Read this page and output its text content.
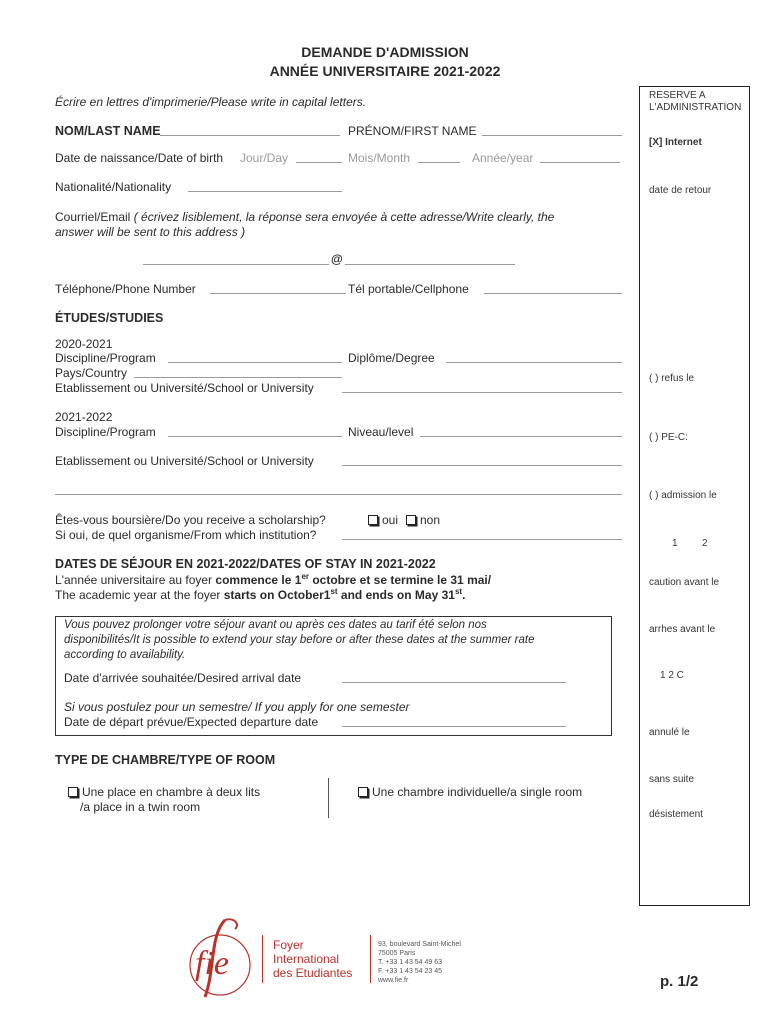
DEMANDE D'ADMISSION
ANNÉE UNIVERSITAIRE 2021-2022
Écrire en lettres d'imprimerie/Please write in capital letters.
NOM/LAST NAME	PRÉNOM/FIRST NAME
Date de naissance/Date of birth Jour/Day	Mois/Month	Année/year
Nationalité/Nationality
Courriel/Email ( écrivez lisiblement, la réponse sera envoyée à cette adresse/Write clearly, the
answer will be sent to this address )
@
Téléphone/Phone Number	Tél portable/Cellphone
ÉTUDES/STUDIES
2020-2021
Discipline/Program	Diplôme/Degree
Pays/Country
Etablissement ou Université/School or University
2021-2022
Discipline/Program	Niveau/level
Etablissement ou Université/School or University
Êtes-vous boursière/Do you receive a scholarship?	oui	non
Si oui, de quel organisme/From which institution?
DATES DE SÉJOUR EN 2021-2022/DATES OF STAY IN 2021-2022
L'année universitaire au foyer commence le 1er octobre et se termine le 31 mai/
The academic year at the foyer starts on October1st and ends on May 31st.
Vous pouvez prolonger votre séjour avant ou après ces dates au tarif été selon nos
disponibilités/It is possible to extend your stay before or after these dates at the summer rate
according to availability.
Date d'arrivée souhaitée/Desired arrival date
Si vous postulez pour un semestre/ If you apply for one semester
Date de départ prévue/Expected departure date
TYPE DE CHAMBRE/TYPE OF ROOM
Une place en chambre à deux lits
/a place in a twin room
Une chambre individuelle/a single room
RESERVE A
L'ADMINISTRATION
[X] Internet
date de retour
( ) refus le
( ) PE-C:
( ) admission le
1 2
caution avant le
arrhes avant le
1 2 C
annulé le
sans suite
désistement
fie	Foyer
International
des Etudiantes
93, boulevard Saint-Michel
75005 Paris
T. +33 1 43 54 49 63
F. +33 1 43 54 23 45
www.fie.fr	p. 1/2
